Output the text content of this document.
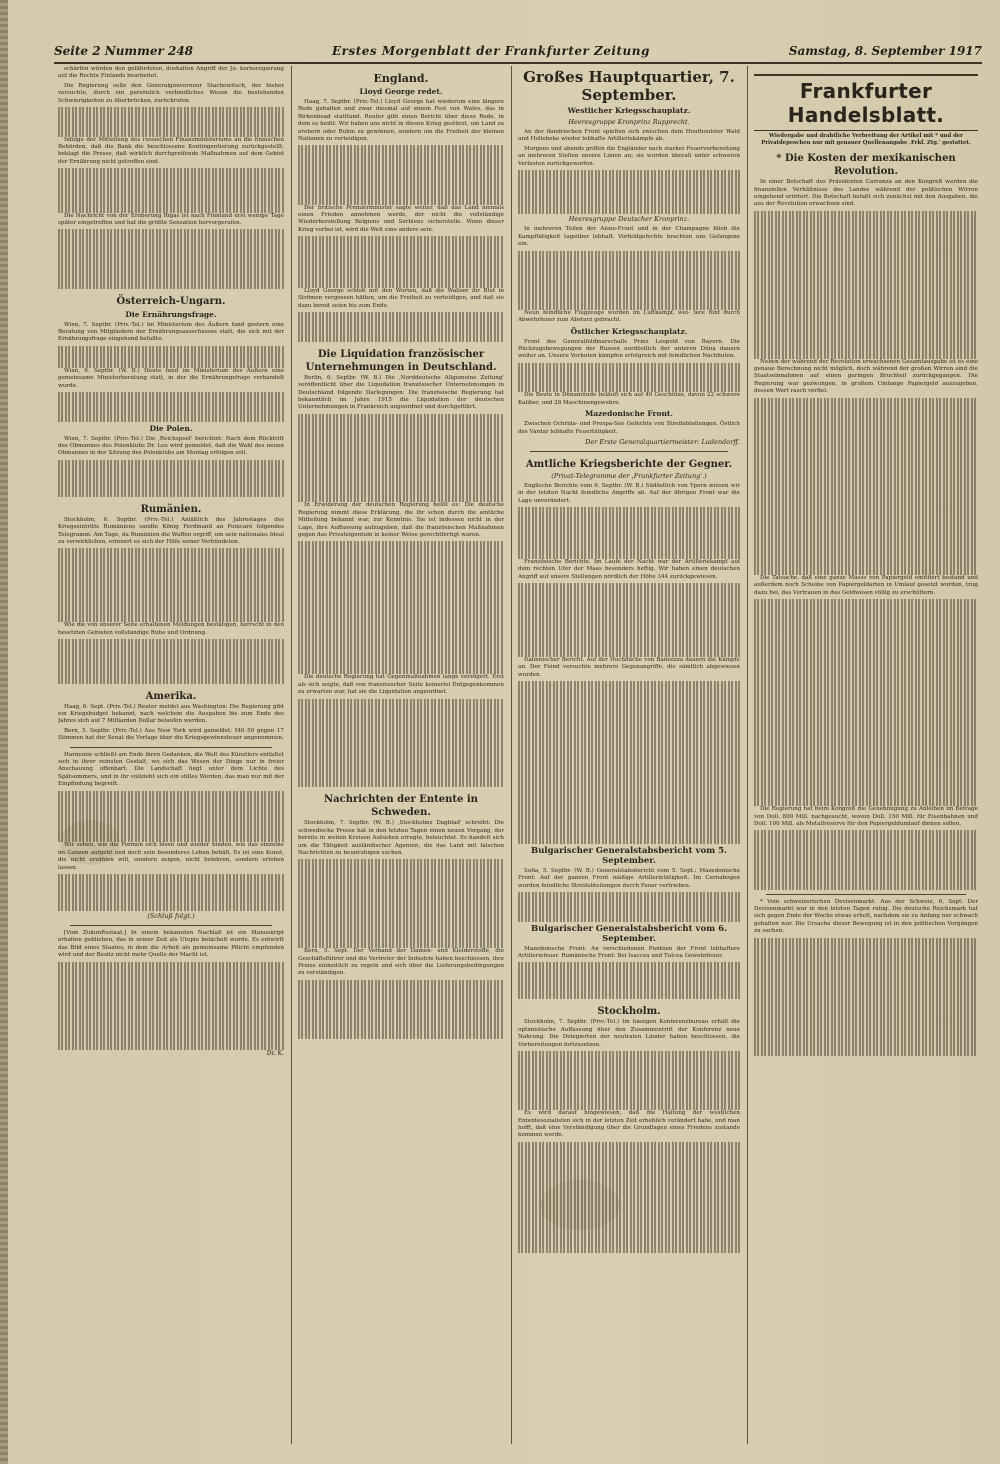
Seite 2 Nummer 248	Erstes Morgenblatt der Frankfurter Zeitung	Samstag, 8. September 1917

schärfen würden den gefährdeten, doshalten Angriff der Ju- kornsregierung auf die Rechte Finlands bearbeitet.

Die Regierung solle den Generalgouverneur Stachowitsch, der bisher versuchte, durch ein persönlich verbindliches Wesen die bestehenden Schwierigkeiten zu überbrücken, zurückrufen.

Infolge der Mitteilung des russischen Finanzministeriums an die finnischen Behörden, daß die Bank die beschlossene Kontingentierung zurückgestellt, beklagt die Presse, daß wirklich durchgreifende Maßnahmen auf dem Gebiet der Ernährung nicht getroffen sind.

Die Nachricht von der Eroberung Rigas ist nach Finnland erst wenige Tage später eingetroffen und hat die größte Sensation hervorgerufen.

Österreich-Ungarn.
Die Ernährungsfrage.

Wien, 7. Septbr. (Priv.-Tel.) Im Ministerium des Äußern fand gestern eine Beratung von Mitgliedern der Ernährungsausschusses statt, die sich mit der Ernährungsfrage eingehend befaßte.

Wien, 6. Septbr. (W. B.) Heute fand im Ministerium des Äußern eine gemeinsame Ministerberatung statt, in der die Ernährungsfrage verhandelt wurde.

Die Polen.

Wien, 7. Septbr. (Priv.-Tel.) Die ‚Reichspost' berichtet: Nach dem Rücktritt des Obmannes des Polenklubs Dr. Leo wird gemeldet, daß die Wahl des neuen Obmannes in der Sitzung des Polenklubs am Montag erfolgen soll.

Rumänien.

Stockholm, 6. Septbr. (Priv.-Tel.) Anläßlich des Jahrestages des Kriegseintritts Rumäniens sandte König Ferdinand an Poincaré folgendes Telegramm: Am Tage, da Rumänien die Waffen ergriff, um sein nationales Ideal zu verwirklichen, erinnert es sich der Hilfe seiner Verbündeten.

Wie die von unserer Seite erhaltenen Meldungen bestätigen, herrscht in den besetzten Gebieten vollständige Ruhe und Ordnung.

Amerika.

Haag, 6. Sept. (Priv.-Tel.) Reuter meldet aus Washington: Die Regierung gibt ein Kriegsbudget bekannt, nach welchem die Ausgaben bis zum Ende des Jahres sich auf 7 Milliarden Dollar belaufen werden.

Bern, 5. Septbr. (Priv.-Tel.) Aus New York wird gemeldet: Mit 50 gegen 17 Stimmen hat der Senat die Vorlage über die Kriegsgewinnsteuer angenommen.

Harmonie schließt am Ende ihren Gedanken, die Welt des Künstlers entfaltet sich in ihrer reinsten Gestalt, wo sich das Wesen der Dinge nur in freier Anschauung offenbart. Die Landschaft liegt unter dem Lichte des Spätsommers, und in ihr vollzieht sich ein stilles Werden, das man nur mit der Empfindung begreift.

Wir sehen, wie die Formen sich lösen und wieder binden, wie das einzelne im Ganzen aufgeht und doch sein besonderes Leben behält. Es ist eine Kunst, die nicht erzählen will, sondern zeigen, nicht belehren, sondern erleben lassen.

(Schluß folgt.)

[Vom Zukunftsstaat.] In einem bekannten Nachlaß ist ein Manuskript erhalten geblieben, das in seiner Zeit als Utopie belächelt wurde. Es entwirft das Bild eines Staates, in dem die Arbeit als gemeinsame Pflicht empfunden wird und der Besitz nicht mehr Quelle der Macht ist.

Dr. K.
England.
Lloyd George redet.

Haag, 7. Septbr. (Priv.-Tel.) Lloyd George hat wiederum eine längere Rede gehalten und zwar diesmal auf einem Fest von Wales, das in Birkenhead stattfand. Reuter gibt einen Bericht über diese Rede, in dem es heißt: Wir haben uns nicht in diesen Krieg gestürzt, um Land zu erobern oder Ruhm zu gewinnen, sondern um die Freiheit der kleinen Nationen zu verteidigen.

Der britische Premierminister sagte weiter, daß das Land niemals einen Frieden annehmen werde, der nicht die vollständige Wiederherstellung Belgiens und Serbiens sicherstelle. Wenn dieser Krieg vorbei ist, wird die Welt eine andere sein.

Lloyd George schloß mit den Worten, daß die Waliser ihr Blut in Strömen vergossen hätten, um die Freiheit zu verteidigen, und daß sie dazu bereit seien bis zum Ende.

Die Liquidation französischer Unternehmungen in Deutschland.

Berlin, 6. Septbr. (W. B.) Die ‚Norddeutsche Allgemeine Zeitung' veröffentlicht über die Liquidation französischer Unternehmungen in Deutschland folgende Darlegungen: Die französische Regierung hat bekanntlich im Jahre 1915 die Liquidation der deutschen Unternehmungen in Frankreich angeordnet und durchgeführt.

In Erwiderung der deutschen Regierung heißt es: Die deutsche Regierung nimmt diese Erklärung, die ihr schon durch die amtliche Mitteilung bekannt war, zur Kenntnis. Sie ist indessen nicht in der Lage, ihre Auffassung aufzugeben, daß die französischen Maßnahmen gegen das Privateigentum in keiner Weise gerechtfertigt waren.

Die deutsche Regierung hat Gegenmaßnahmen lange verzögert. Erst als sich zeigte, daß von französischer Seite keinerlei Entgegenkommen zu erwarten war, hat sie die Liquidation angeordnet.

Nachrichten der Entente in Schweden.

Stockholm, 7. Septbr. (W. B.) ‚Stockholms Dagblad' schreibt: Die schwedische Presse hat in den letzten Tagen einen neuen Vorgang, der bereits in weiten Kreisen Aufsehen erregte, beleuchtet. Es handelt sich um die Tätigkeit ausländischer Agenten, die das Land mit falschen Nachrichten zu beunruhigen suchen.

Bern, 5. Sept. Der Verband der Damen- und Kleiderstoffe, die Geschäftsführer und die Vertreter der Industrie haben beschlossen, ihre Preise einheitlich zu regeln und sich über die Lieferungsbedingungen zu verständigen.

Großes Hauptquartier, 7. September.
Westlicher Kriegsschauplatz.
Heeresgruppe Kronprinz Rupprecht.

An der flandrischen Front spielten sich zwischen dem Houthoulster Wald und Hollebeke wieder lebhafte Artilleriekämpfe ab.

Morgens und abends griffen die Engländer nach starker Feuervorbereitung an mehreren Stellen unsere Linien an; sie wurden überall unter schweren Verlusten zurückgeworfen.

Heeresgruppe Deutscher Kronprinz.

In mehreren Teilen der Aisne-Front und in der Champagne blieb die Kampftätigkeit tagsüber lebhaft. Vorfeldgefechte brachten uns Gefangene ein.

Neun feindliche Flugzeuge wurden im Luftkampf, wei- tere fünf durch Abwehrfeuer zum Absturz gebracht.

Östlicher Kriegsschauplatz.

Front des Generalfeldmarschalls Prinz Leopold von Bayern. Die Rückzugsbewegungen der Russen nordöstlich der unteren Düna dauern weiter an. Unsere Vorhuten kämpfen erfolgreich mit feindlichen Nachhuten.

Die Beute in Dünamünde beläuft sich auf 40 Geschütze, davon 22 schwere Kaliber, und 28 Maschinengewehre.

Mazedonische Front.

Zwischen Ochrida- und Prespa-See Gefechte von Streifabteilungen. Östlich des Vardar lebhafte Feuertätigkeit.

Der Erste Generalquartiermeister: Ludendorff.
Amtliche Kriegsberichte der Gegner.
(Privat-Telegramme der ‚Frankfurter Zeitung'.)

Englische Berichte vom 6. Septbr. (W. B.) Südöstlich von Ypern wiesen wir in der letzten Nacht feindliche Angriffe ab. Auf der übrigen Front war die Lage unverändert.

Französische Berichte. Im Laufe der Nacht war der Artilleriekampf auf dem rechten Ufer der Maas besonders heftig. Wir haben einen deutschen Angriff auf unsere Stellungen nördlich der Höhe 344 zurückgewiesen.

Italienischer Bericht. Auf der Hochfläche von Bainsizza dauern die Kämpfe an. Der Feind versuchte mehrere Gegenangriffe, die sämtlich abgewiesen wurden.

Bulgarischer Generalstabsbericht vom 5. September.

Sofia, 5. Septbr. (W. B.) Generalstabsbericht vom 5. Sept.: Mazedonische Front: Auf der ganzen Front mäßige Artillerietätigkeit. Im Cernabogen wurden feindliche Streifabteilungen durch Feuer vertrieben.

Bulgarischer Generalstabsbericht vom 6. September.

Mazedonische Front: An verschiedenen Punkten der Front lebhaftere Artilleriefeuer. Rumänische Front: Bei Isaccea und Tulcea Gewehrfeuer.

Stockholm.

Stockholm, 7. Septbr. (Priv.-Tel.) Im hiesigen Konferenzbureau erhält die optimistische Auffassung über den Zusammentritt der Konferenz neue Nahrung. Die Delegierten der neutralen Länder haben beschlossen, die Vorbereitungen fortzusetzen.

Es wird darauf hingewiesen, daß die Haltung der westlichen Ententesozialisten sich in der letzten Zeit erheblich verändert habe, und man hofft, daß eine Verständigung über die Grundlagen eines Friedens zustande kommen werde.

Frankfurter Handelsblatt.
Wiedergabe und drahtliche Verbreitung der Artikel mit * und der Privatdepeschen nur mit genauer Quellenangabe ‚Frkf. Ztg.' gestattet.
* Die Kosten der mexikanischen Revolution.

In einer Botschaft des Präsidenten Carranza an den Kongreß werden die finanziellen Verhältnisse des Landes während der politischen Wirren eingehend erörtert. Die Botschaft befaßt sich zunächst mit den Ausgaben, die aus der Revolution erwachsen sind.

Neben der während der Revolution erwachsenen Gesamtausgabe ist es eine genaue Berechnung nicht möglich, doch während der großen Wirren sind die Staatseinnahmen auf einen geringen Bruchteil zurückgegangen. Die Regierung war gezwungen, in großem Umfange Papiergeld auszugeben, dessen Wert rasch verfiel.

Die Tatsache, daß eine ganze Masse von Papiergeld emittiert bestand und außerdem noch Scheine von Papiergeldarten in Umlauf gesetzt wurden, trug dazu bei, das Vertrauen in das Geldwesen völlig zu erschüttern.

Die Regierung hat beim Kongreß die Genehmigung zu Anleihen im Betrage von Doll. 800 Mill. nachgesucht, wovon Doll. 150 Mill. für Eisenbahnen und Doll. 100 Mill. als Metallreserve für den Papiergeldumlauf dienen sollen.

* Vom schweizerischen Devisenmarkt. Aus der Schweiz, 6. Sept. Der Devisenmarkt war in den letzten Tagen ruhig. Die deutsche Reichsmark hat sich gegen Ende der Woche etwas erholt, nachdem sie zu Anfang nur schwach gehalten war. Die Ursache dieser Bewegung ist in den politischen Vorgängen zu suchen.
